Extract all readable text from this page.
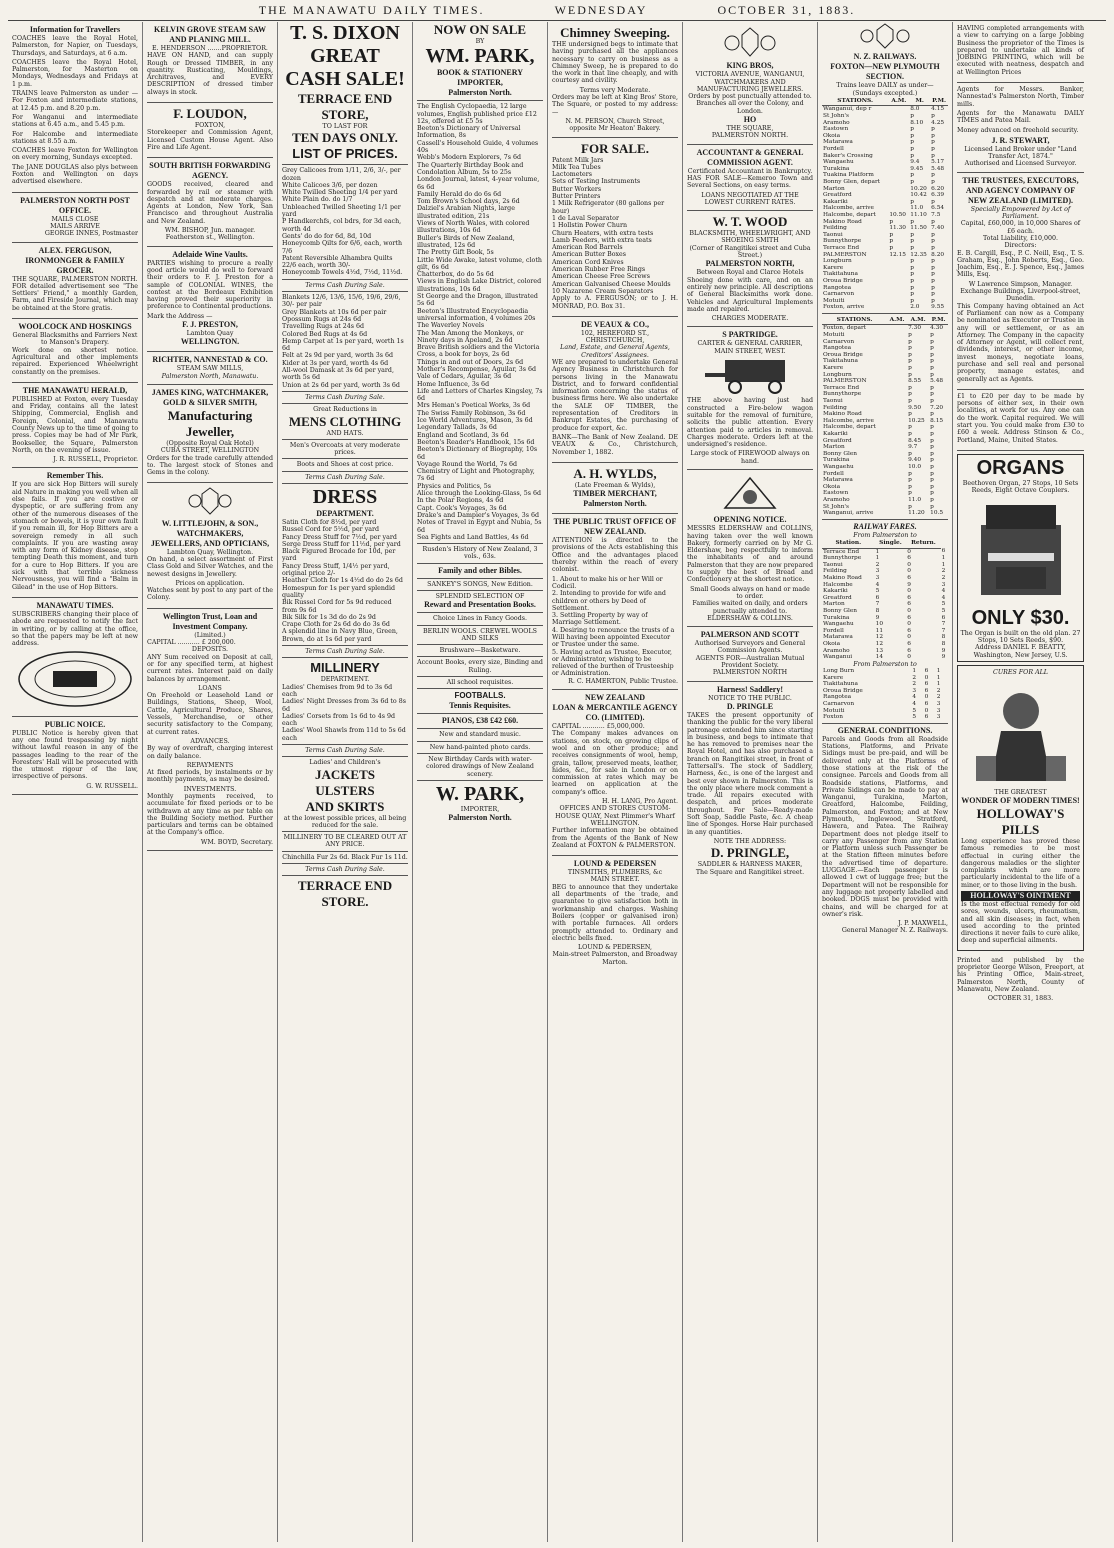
THE MANAWATU DAILY TIMES.	WEDNESDAY	OCTOBER 31, 1883.
Information for Travellers

COACHES leave the Royal Hotel, Palmerston, for Napier, on Tuesdays, Thursdays, and Saturdays, at 6 a.m.

COACHES leave the Royal Hotel, Palmerston, for Masterton on Mondays, Wednesdays and Fridays at 1 p.m.

TRAINS leave Palmerston as under — For Foxton and intermediate stations, at 12.45 p.m. and 8.20 p.m.

For Wanganui and intermediate stations at 6.45 a.m., and 5.45 p.m.

For Halcombe and intermediate stations at 8.55 a.m.

COACHES leave Foxton for Wellington on every morning, Sundays excepted.

The JANE DOUGLAS also plys between Foxton and Wellington on days advertised elsewhere.

PALMERSTON NORTH POST OFFICE.
MAILS CLOSE
MAILS ARRIVE
GEORGE INNES, Postmaster
ALEX. FERGUSON,
IRONMONGER & FAMILY GROCER.
THE SQUARE, PALMERSTON NORTH.

FOR detailed advertisement see "The Settlers' Friend," a monthly Garden, Farm, and Fireside Journal, which may be obtained at the Store gratis.

WOOLCOCK AND HOSKINGS
General Blacksmiths and Farriers Next to Manson's Drapery.

Work done on shortest notice. Agricultural and other implements repaired. Experienced Wheelwright constantly on the premises.

THE MANAWATU HERALD,

PUBLISHED at Foxton, every Tuesday and Friday, contains all the latest Shipping, Commercial, English and Foreign, Colonial, and Manawatu County News up to the time of going to press. Copies may be had of Mr Park, Bookseller, the Square, Palmerston North, on the evening of issue.

J. R. RUSSELL, Proprietor.
Remember This.

If you are sick Hop Bitters will surely aid Nature in making you well when all else fails. If you are costive or dyspeptic, or are suffering from any other of the numerous diseases of the stomach or bowels, it is your own fault if you remain ill, for Hop Bitters are a sovereign remedy in all such complaints. If you are wasting away with any form of Kidney disease, stop tempting Death this moment, and turn for a cure to Hop Bitters. If you are sick with that terrible sickness Nervousness, you will find a "Balm in Gilead" in the use of Hop Bitters.

MANAWATU TIMES.

SUBSCRIBERS changing their place of abode are requested to notify the fact in writing, or by calling at the office, so that the papers may be left at new address.

PUBLIC NOICE.

PUBLIC Notice is hereby given that any one found trespassing by night without lawful reason in any of the passages leading to the rear of the Foresters' Hall will be prosecuted with the utmost rigour of the law, irrespective of persons.

G. W. RUSSELL.
KELVIN GROVE STEAM SAW AND PLANING MILL.
E. HENDERSON .......PROPRIETOR.

HAVE ON HAND, and can supply Rough or Dressed TIMBER, in any quantity. Rusticating, Mouldings, Architraves, and EVERY DESCRIPTION of dressed timber always in stock.

F. LOUDON,
FOXTON,

Storekeeper and Commission Agent, Licensed Custom House Agent. Also Fire and Life Agent.

SOUTH BRITISH FORWARDING AGENCY.

GOODS received, cleared and forwarded by rail or steamer with despatch and at moderate charges. Agents at London, New York, San Francisco and throughout Australia and New Zealand.

WM. BISHOP, Jun. manager. Featherston st., Wellington.
Adelaide Wine Vaults.

PARTIES wishing to procure a really good article would do well to forward their orders to F. J. Preston for a sample of COLONIAL WINES, the contest at the Bordeaux Exhibition having proved their superiority in preference to Continental productions.

Mark the Address —
F. J. PRESTON,
Lambton Quay
WELLINGTON.
RICHTER, NANNESTAD & CO.
STEAM SAW MILLS,
Palmerston North, Manawatu.
JAMES KING, WATCHMAKER, GOLD & SILVER SMITH,
Manufacturing Jeweller,
(Opposite Royal Oak Hotel)
CUBA STREET, WELLINGTON

Orders for the trade carefully attended to. The largest stock of Stones and Gems in the colony.

W. LITTLEJOHN, & SON.,
WATCHMAKERS,
JEWELLERS, AND OPTICIANS,
Lambton Quay, Wellington.

On hand, a select assortment of First Class Gold and Silver Watches, and the newest designs in Jewellery.

Prices on application.

Watches sent by post to any part of the Colony.

Wellington Trust, Loan and Investment Company.
(Limited.)
CAPITAL ........... £ 200,000.
DEPOSITS.

ANY Sum received on Deposit at call, or for any specified term, at highest current rates. Interest paid on daily balances by arrangement.

LOANS

On Freehold or Leasehold Land or Buildings, Stations, Sheep, Wool, Cattle, Agricultural Produce, Shares, Vessels, Merchandise, or other security satisfactory to the Company, at current rates.

ADVANCES.

By way of overdraft, charging interest on daily balance.

REPAYMENTS

At fixed periods, by instalments or by monthly payments, as may be desired.

INVESTMENTS.

Monthly payments received, to accumulate for fixed periods or to be withdrawn at any time as per table on the Building Society method. Further particulars and terms can be obtained at the Company's office.

WM. BOYD, Secretary.
T. S. DIXON
GREAT CASH SALE!
TERRACE END STORE,
TO LAST FOR
TEN DAYS ONLY.
LIST OF PRICES.

Grey Calicoes from 1/11, 2/6, 3/-, per dozen

White Calicoes 3/6, per dozen

White Twilled Sheeting 1/4 per yard

White Plain do. do 1/7

Unbleached Twilled Sheeting 1/1 per yard

P Handkerchfs, col bdrs, for 3d each, worth 4d

Gents' do do for 6d, 8d, 10d

Honeycomb Qilts for 6/6, each, worth 7/6

Patent Reversible Alhambra Quilts 22/6 each, worth 30/-

Honeycomb Towels 4½d, 7½d, 11½d.

Terms Cash During Sale.

Blankets 12/6, 13/6, 15/6, 19/6, 29/6, 30/- per pair

Grey Blankets at 10s 6d per pair

Opossum Rugs at 24s 6d

Travelling Rugs at 24s 6d

Colored Bed Rugs at 4s 6d

Hemp Carpet at 1s per yard, worth 1s 6d

Felt at 2s 9d per yard, worth 3s 6d

Kider at 3s per yard, worth 4s 6d

All-wool Damask at 3s 6d per yard, worth 5s 6d

Union at 2s 6d per yard, worth 3s 6d

Terms Cash During Sale.
Great Reductions in
MENS CLOTHING
AND HATS.
Men's Overcoats at very moderate prices.
Boots and Shoes at cost price.
Terms Cash During Sale.
DRESS
DEPARTMENT.

Satin Cloth for 8½d, per yard

Russel Cord for 5½d, per yard

Fancy Dress Stuff for 7½d, per yard

Serge Dress Stuff for 11½d, per yard

Black Figured Brocade for 10d, per yard

Fancy Dress Stuff, 1/4½ per yard, original price 2/-

Heather Cloth for 1s 4½d do do 2s 6d

Homespun for 1s per yard splendid quality

Bik Russel Cord for 5s 9d reduced from 9s 6d

Bik Silk for 1s 3d do do 2s 9d

Crape Cloth for 2s 6d do do 3s 6d

A splendid line in Navy Blue, Green, Brown, do at 1s 6d per yard

Terms Cash During Sale.
MILLINERY
DEPARTMENT.

Ladies' Chemises from 9d to 3s 6d each

Ladies' Night Dresses from 3s 6d to 8s 6d

Ladies' Corsets from 1s 6d to 4s 9d each

Ladies' Wool Shawls from 11d to 5s 6d each

Terms Cash During Sale.
Ladies' and Children's
JACKETS
ULSTERS
AND SKIRTS
at the lowest possible prices, all being reduced for the sale.
MILLINERY TO BE CLEARED OUT AT ANY PRICE.
Chinchilla Fur 2s 6d. Black Fur 1s 11d.
Terms Cash During Sale.
TERRACE END STORE.
NOW ON SALE
BY
WM. PARK,
BOOK & STATIONERY
IMPORTER,
Palmerston North.

The English Cyclopaedia, 12 large volumes, English published price £12 12s, offered at £5 5s

Beeton's Dictionary of Universal Information, 8s

Cassell's Household Guide, 4 volumes 40s

Webb's Modern Explorers, 7s 6d

The Quarterly Birthday Book and Condolation Album, 5s to 25s

London Journal, latest, 4-year volume, 6s 6d

Family Herald do do 6s 6d

Tom Brown's School days, 2s 6d

Dalziel's Arabian Nights, large illustrated edition, 21s

Views of North Wales, with colored illustrations, 10s 6d

Buller's Birds of New Zealand, illustrated, 12s 6d

The Pretty Gift Book, 5s

Little Wide Awake, latest volume, cloth gilt, 6s 6d

Chatterbox, do do 5s 6d

Views in English Lake District, colored illustrations, 10s 6d

St George and the Dragon, illustrated 5s 6d

Beeton's Illustrated Encyclopaedia universal information, 4 volumes 20s

The Waverley Novels

The Man Among the Monkeys, or Ninety days in Apeland, 2s 6d

Brave British soldiers and the Victoria Cross, a book for boys, 2s 6d

Things in and out of Doors, 2s 6d

Mother's Recompense, Aguilar, 3s 6d

Vale of Cedars, Aguilar, 3s 6d

Home Influence, 3s 6d

Life and Letters of Charles Kingsley, 7s 6d

Mrs Heman's Poetical Works, 3s 6d

The Swiss Family Robinson, 3s 6d

Ice World Adventures, Mason, 3s 6d

Legendary Tallads, 3s 6d

England and Scotland, 3s 6d

Beeton's Reader's Handbook, 15s 6d

Beeton's Dictionary of Biography, 10s 6d

Voyage Round the World, 7s 6d

Chemistry of Light and Photography, 7s 6d

Physics and Politics, 5s

Alice through the Looking-Glass, 5s 6d

In the Polar Regions, 4s 6d

Capt. Cook's Voyages, 3s 6d

Drake's and Dampier's Voyages, 3s 6d

Notes of Travel in Egypt and Nubia, 5s 6d

Sea Fights and Land Battles, 4s 6d

Rusden's History of New Zealand, 3 vols., 63s.
Family and other Bibles.
SANKEY'S SONGS, New Edition.
SPLENDID SELECTION OF
Reward and Presentation Books.
Choice Lines in Fancy Goods.
BERLIN WOOLS. CREWEL WOOLS AND SILKS
Brushware—Basketware.
Account Books, every size, Binding and Ruling.
All school requisites.
FOOTBALLS.
Tennis Requisites.
PIANOS, £38 £42 £60.
New and standard music.
New hand-painted photo cards.
New Birthday Cards with water-colored drawings of New Zealand scenery.
W. PARK,
IMPORTER,
Palmerston North.
Chimney Sweeping.

THE undersigned begs to intimate that having purchased all the appliances necessary to carry on business as a Chimney Sweep, he is prepared to do the work in that line cheaply, and with courtesy and civility.

Terms very Moderate.

Orders may be left at King Bros' Store, The Square, or posted to my address:—

N. M. PERSON, Church Street, opposite Mr Heaton' Bakery.
FOR SALE.

Patent Milk Jars

Milk Tea Tubes

Lactometers

Sets of Testing Instruments

Butter Workers

Butter Printers

1 Milk Refrigerator (80 gallons per hour)

1 de Laval Separator

1 Hollstin Power Churn

Churn Heaters, with extra tests

Lamb Feeders, with extra teats

American Rod Barrels

American Butter Boxes

American Cord Knives

American Rubber Free Rings

American Cheese Free Screws

American Galvanised Cheese Moulds

10 Nazarene Cream Separators

Apply to A. FERGUSON; or to J. H. MONRAD, P.O. Box 31.

DE VEAUX & CO.,
102, HEREFORD ST., CHRISTCHURCH,
Land, Estate, and General Agents, Creditors' Assignees.

WE are prepared to undertake General Agency Business in Christchurch for persons living in the Manawatu District, and to forward confidential information concerning the status of business firms here. We also undertake the SALE OF TIMBER, the representation of Creditors in Bankrupt Estates, the purchasing of produce for export, &c.

BANK—The Bank of New Zealand. DE VEAUX & Co., Christchurch, November 1, 1882.

A. H. WYLDS,
(Late Freeman & Wylds),
TIMBER MERCHANT,
Palmerston North.
THE PUBLIC TRUST OFFICE OF NEW ZEALAND.

ATTENTION is directed to the provisions of the Acts establishing this Office and the advantages placed thereby within the reach of every colonist.

1. About to make his or her Will or Codicil.

2. Intending to provide for wife and children or others by Deed of Settlement.

3. Settling Property by way of Marriage Settlement.

4. Desiring to renounce the trusts of a Will having been appointed Executor or Trustee under the same.

5. Having acted as Trustee, Executor, or Administrator, wishing to be relieved of the burthen of Trusteeship or Administration.

R. C. HAMERTON, Public Trustee.
NEW ZEALAND
LOAN & MERCANTILE AGENCY CO. (LIMITED).
CAPITAL ........... £5,000,000.

The Company makes advances on stations, on stock, on growing clips of wool and on other produce; and receives consignments of wool, hemp, grain, tallow, preserved meats, leather, hides, &c., for sale in London or on commission at rates which may be learned on application at the company's office.

H. H. LANG, Pro Agent.
OFFICES AND STORES CUSTOM-HOUSE QUAY, Next Plimmer's Wharf WELLINGTON.

Further information may be obtained from the Agents of the Bank of New Zealand at FOXTON & PALMERSTON.

LOUND & PEDERSEN
TINSMITHS, PLUMBERS, &c
MAIN STREET.

BEG to announce that they undertake all departments of the trade, and guarantee to give satisfaction both in workmanship and charges. Washing Boilers (copper or galvanised iron) with portable furnaces. All orders promptly attended to. Ordinary and electric bells fixed.

LOUND & PEDERSEN,
Main-street Palmerston, and Broadway Marton.
KING BROS,
VICTORIA AVENUE, WANGANUI,
WATCHMAKERS AND MANUFACTURING JEWELLERS.
Orders by post punctually attended to.
Branches all over the Colony, and London.
HO
THE SQUARE,
PALMERSTON NORTH.
ACCOUNTANT & GENERAL COMMISSION AGENT.
Certificated Accountant in Bankruptcy.

HAS FOR SALE—Kemeroo Town and Several Sections, on easy terms.

LOANS NEGOTIATED AT THE LOWEST CURRENT RATES.
W. T. WOOD
BLACKSMITH, WHEELWRIGHT, AND SHOEING SMITH
(Corner of Rangitikei street and Cuba Street.)
PALMERSTON NORTH,
Between Royal and Clarce Hotels

Shoeing done with care, and on an entirely new principle. All descriptions of General Blacksmiths work done. Vehicles and Agricultural Implements made and repaired.

CHARGES MODERATE.
S PARTRIDGE.
CARTER & GENERAL CARRIER,
MAIN STREET, WEST.

THE above having just had constructed a Fire-below wagon suitable for the removal of furniture, solicits the public attention. Every attention paid to articles in removal. Charges moderate. Orders left at the undersigned's residence.

Large stock of FIREWOOD always on hand.
OPENING NOTICE.

MESSRS ELDERSHAW and COLLINS, having taken over the well known Bakery, formerly carried on by Mr G. Eldershaw, beg respectfully to inform the inhabitants of and around Palmerston that they are now prepared to supply the best of Bread and Confectionery at the shortest notice.

Small Goods always on hand or made to order.
Families waited on daily, and orders punctually attended to.
ELDERSHAW & COLLINS.
PALMERSON AND SCOTT
Authorised Surveyors and General Commission Agents.
AGENTS FOR—Australian Mutual Provident Society.
PALMERSTON NORTH
Harness! Saddlery!
NOTICE TO THE PUBLIC.
D. PRINGLE

TAKES the present opportunity of thanking the public for the very liberal patronage extended him since starting in business, and begs to intimate that he has removed to premises near the Royal Hotel, and has also purchased a branch on Rangitikei street, in front of Tattersall's. The stock of Saddlery, Harness, &c., is one of the largest and best ever shown in Palmerston. This is the only place where mock comment a trade. All repairs executed with despatch, and prices moderate throughout. For Sale—Ready-made Soft Soap, Saddle Paste, &c. A cheap line of Sponges. Horse Hair purchased in any quantities.

NOTE THE ADDRESS:
D. PRINGLE,
SADDLER & HARNESS MAKER,
The Square and Rangitikei street.
N. Z. RAILWAYS.
FOXTON—NEW PLYMOUTH SECTION.
Trains leave DAILY as under—(Sundays excepted.)
STATIONS.	A.M.	M.	P.M.
Wanganui, dep r		8.0	4.15
St John's		p	p
Aramoho		8.10	4.25
Eastown		p	p
Okoia		p	p
Matarawa		p	p
Fordell		p	p
Baker's Crossing		p	p
Wangaehu		9.4	5.17
Turakina		9.45	5.48
Tuakina Platform		p	p
Bonny Glen, depart		p	p
Marton		10.20	6.20
Greatford		10.42	6.39
Kakariki		p	p
Halcombe, arrive		11.0	6.54
Halcombe, depart	10.50	11.10	7.5
Makino Road	p	p	p
Feilding	11.30	11.50	7.40
Taonui	p	p	p
Bunnythorpe	p	p	p
Terrace End	p	p	p
PALMERSTON	12.15	12.35	8.20
Longburn		p	p
Karere		p	p
Tiakitahuna		p	p
Oroua Bridge		p	p
Rangotea		p	p
Carnarvon		p	p
Motuiti		p	p
Foxton, arrive		2.0	9.55
STATIONS.	A.M.	A.M.	P.M.
Foxton, depart		7.30	4.30
Motuiti		p	p
Carnarvon		p	p
Rangotea		p	p
Oroua Bridge		p	p
Tiakitahuna		p	p
Karere		p	p
Longburn		p	p
PALMERSTON		8.55	5.48
Terrace End		p	p
Bunnythorpe		p	p
Taonui		p	p
Feilding		9.50	7.20
Makino Road		p	p
Halcombe, arrive		10.25	8.15
Halcombe, depart		p	p
Kakariki		p	p
Greatford		8.45	p
Marton		9.7	p
Bonny Glen		p	p
Turakina		9.40	p
Wangaehu		10.0	p
Fordell		p	p
Matarawa		p	p
Okoia		p	p
Eastown		p	p
Aramoho		11.0	p
St John's		p	p
Wanganui, arrive		11.20	10.5
RAILWAY FARES.
From Palmerston to
Station.	Single.	Return.	
Terrace End	1	0	6
Bunnythorpe	1	6	1
Taonui	2	0	1
Feilding	3	0	2
Makino Road	3	6	2
Halcombe	4	9	3
Kakariki	5	0	4
Greatford	6	6	4
Marton	7	6	5
Bonny Glen	8	0	5
Turakina	9	6	6
Wangaehu	10	0	7
Fordell	11	6	7
Matarawa	12	0	8
Okoia	12	6	8
Aramoho	13	6	9
Wanganui	14	0	9
From Palmerston to
Long Burn	1	6	1
Karere	2	0	1
Tiakitahuna	2	6	1
Oroua Bridge	3	6	2
Rangotea	4	0	2
Carnarvon	4	6	3
Motuiti	5	0	3
Foxton	5	6	3
GENERAL CONDITIONS.

Parcels and Goods from all Roadside Stations, Platforms, and Private Sidings must be pre-paid, and will be delivered only at the Platforms of those stations at the risk of the consignee. Parcels and Goods from all Roadside stations, Platforms, and Private Sidings can be made to pay at Wanganui, Turakina, Marton, Greatford, Halcombe, Feilding, Palmerston, and Foxton; and at New Plymouth, Inglewood, Stratford, Hawera, and Patea. The Railway Department does not pledge itself to carry any Passenger from any Station or Platform unless such Passenger be at the Station fifteen minutes before the advertised time of departure. LUGGAGE.—Each passenger is allowed 1 cwt of luggage free; but the Department will not be responsible for any luggage not properly labelled and booked. DOGS must be provided with chains, and will be charged for at owner's risk.

J. P. MAXWELL,
General Manager N. Z. Railways.

HAVING completed arrangements with a view to carrying on a large Jobbing Business the proprietor of the Times is prepared to undertake all kinds of JOBBING PRINTING, which will be executed with neatness, despatch and at Wellington Prices

Agents for Messrs. Banker, Nannestad's Palmerston North, Timber mills.

Agents for the Manawatu DAILY TIMES and Patea Mail.

Money advanced on freehold security.

J. R. STEWART,
Licensed Land Broker under "Land Transfer Act, 1874."
Authorised and Licensed Surveyor.
THE TRUSTEES, EXECUTORS, AND AGENCY COMPANY OF NEW ZEALAND (LIMITED).
Specially Empowered by Act of Parliament.
Capital, £60,000, in 10,000 Shares of £6 each.
Total Liability, £10,000.
Directors:

E. B. Cargill, Esq., P. C. Neill, Esq., T. S. Graham, Esq., John Roberts, Esq., Geo. Joachim, Esq., E. J. Spence, Esq., James Mills, Esq.

W Lawrence Simpson, Manager.
Exchange Buildings, Liverpool-street, Dunedin.

This Company having obtained an Act of Parliament can now as a Company be nominated as Executor or Trustee in any will or settlement, or as an Attorney. The Company in the capacity of Attorney or Agent, will collect rent, dividends, interest, or other income, invest moneys, negotiate loans, purchase and sell real and personal property, manage estates, and generally act as Agents.

£1 to £20 per day to be made by persons of either sex, in their own localities, at work for us. Any one can do the work. Capital required. We will start you. You could make from £30 to £60 a week. Address Stinson & Co., Portland, Maine, United States.

ORGANS
Beethoven Organ, 27 Stops, 10 Sets Reeds, Eight Octave Couplers.
ONLY $30.
The Organ is built on the old plan. 27 Stops, 10 Sets Reeds, $90.
Address DANIEL F. BEATTY, Washington, New Jersey, U.S.
CURES FOR ALL
THE GREATEST
WONDER OF MODERN TIMES!
HOLLOWAY'S PILLS

Long experience has proved these famous remedies to be most effectual in curing either the dangerous maladies or the slighter complaints which are more particularly incidental to the life of a miner, or to those living in the bush.

HOLLOWAY'S OINTMENT

Is the most effectual remedy for old sores, wounds, ulcers, rheumatism, and all skin diseases; in fact, when used according to the printed directions it never fails to cure alike, deep and superficial ailments.

Printed and published by the proprietor George Wilson, Freeport, at his Printing Office, Main-street, Palmerston North, County of Manawatu, New Zealand.

OCTOBER 31, 1883.
